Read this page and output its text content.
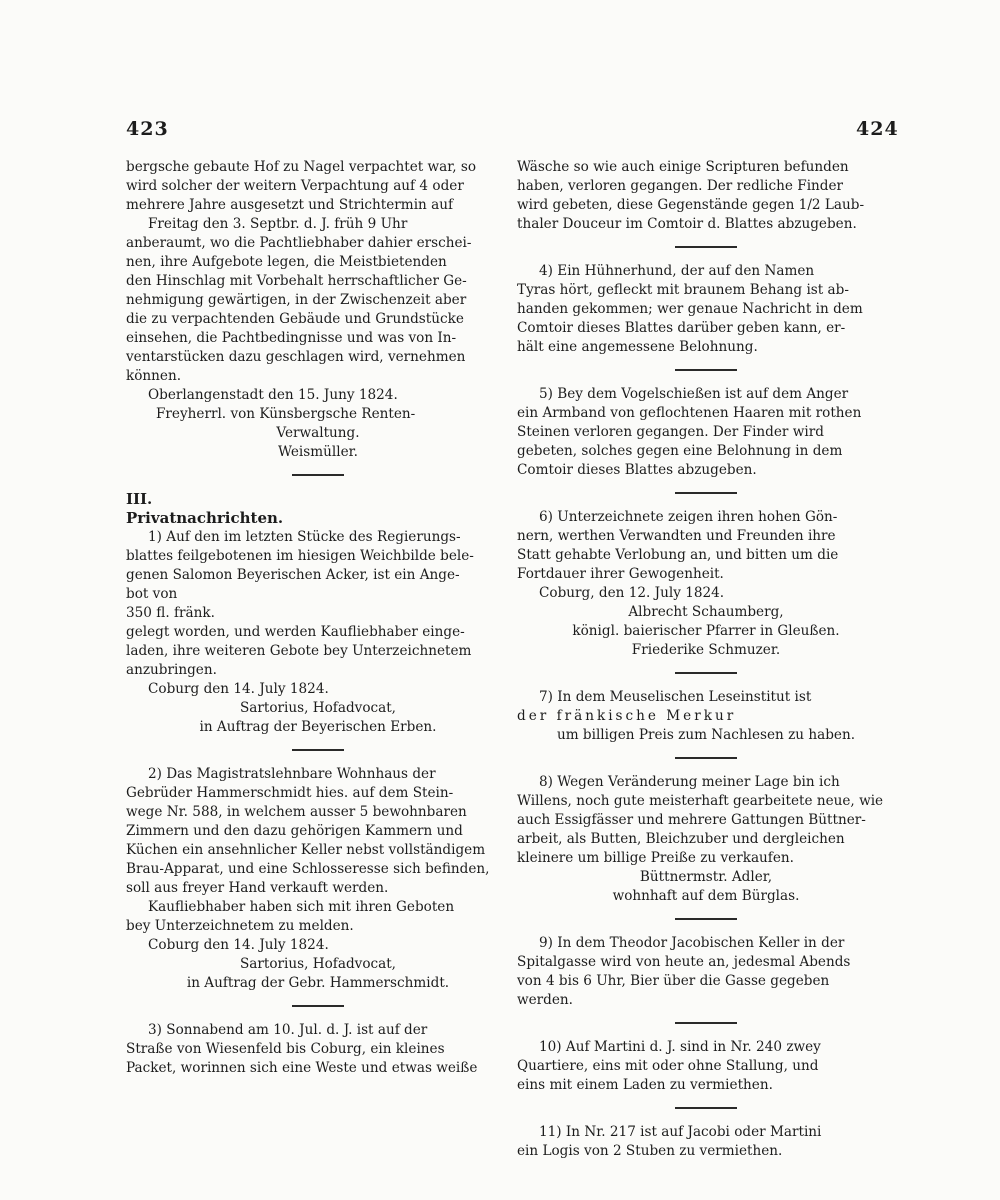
423	424

bergsche gebaute Hof zu Nagel verpachtet war, so

wird solcher der weitern Verpachtung auf 4 oder

mehrere Jahre ausgesetzt und Strichtermin auf

Freitag den 3. Septbr. d. J. früh 9 Uhr

anberaumt, wo die Pachtliebhaber dahier erschei-

nen, ihre Aufgebote legen, die Meistbietenden

den Hinschlag mit Vorbehalt herrschaftlicher Ge-

nehmigung gewärtigen, in der Zwischenzeit aber

die zu verpachtenden Gebäude und Grundstücke

einsehen, die Pachtbedingnisse und was von In-

ventarstücken dazu geschlagen wird, vernehmen

können.

Oberlangenstadt den 15. Juny 1824.

Freyherrl. von Künsbergsche Renten-

Verwaltung.

Weismüller.

III.

Privatnachrichten.

1) Auf den im letzten Stücke des Regierungs-

blattes feilgebotenen im hiesigen Weichbilde bele-

genen Salomon Beyerischen Acker, ist ein Ange-

bot von

350 fl. fränk.

gelegt worden, und werden Kaufliebhaber einge-

laden, ihre weiteren Gebote bey Unterzeichnetem

anzubringen.

Coburg den 14. July 1824.

Sartorius, Hofadvocat,

in Auftrag der Beyerischen Erben.

2) Das Magistratslehnbare Wohnhaus der

Gebrüder Hammerschmidt hies. auf dem Stein-

wege Nr. 588, in welchem ausser 5 bewohnbaren

Zimmern und den dazu gehörigen Kammern und

Küchen ein ansehnlicher Keller nebst vollständigem

Brau-Apparat, und eine Schlosseresse sich befinden,

soll aus freyer Hand verkauft werden.

Kaufliebhaber haben sich mit ihren Geboten

bey Unterzeichnetem zu melden.

Coburg den 14. July 1824.

Sartorius, Hofadvocat,

in Auftrag der Gebr. Hammerschmidt.

3) Sonnabend am 10. Jul. d. J. ist auf der

Straße von Wiesenfeld bis Coburg, ein kleines

Packet, worinnen sich eine Weste und etwas weiße

Wäsche so wie auch einige Scripturen befunden

haben, verloren gegangen. Der redliche Finder

wird gebeten, diese Gegenstände gegen 1/2 Laub-

thaler Douceur im Comtoir d. Blattes abzugeben.

4) Ein Hühnerhund, der auf den Namen

Tyras hört, gefleckt mit braunem Behang ist ab-

handen gekommen; wer genaue Nachricht in dem

Comtoir dieses Blattes darüber geben kann, er-

hält eine angemessene Belohnung.

5) Bey dem Vogelschießen ist auf dem Anger

ein Armband von geflochtenen Haaren mit rothen

Steinen verloren gegangen. Der Finder wird

gebeten, solches gegen eine Belohnung in dem

Comtoir dieses Blattes abzugeben.

6) Unterzeichnete zeigen ihren hohen Gön-

nern, werthen Verwandten und Freunden ihre

Statt gehabte Verlobung an, und bitten um die

Fortdauer ihrer Gewogenheit.

Coburg, den 12. July 1824.

Albrecht Schaumberg,

königl. baierischer Pfarrer in Gleußen.

Friederike Schmuzer.

7) In dem Meuselischen Leseinstitut ist

der fränkische Merkur

um billigen Preis zum Nachlesen zu haben.

8) Wegen Veränderung meiner Lage bin ich

Willens, noch gute meisterhaft gearbeitete neue, wie

auch Essigfässer und mehrere Gattungen Büttner-

arbeit, als Butten, Bleichzuber und dergleichen

kleinere um billige Preiße zu verkaufen.

Büttnermstr. Adler,

wohnhaft auf dem Bürglas.

9) In dem Theodor Jacobischen Keller in der

Spitalgasse wird von heute an, jedesmal Abends

von 4 bis 6 Uhr, Bier über die Gasse gegeben

werden.

10) Auf Martini d. J. sind in Nr. 240 zwey

Quartiere, eins mit oder ohne Stallung, und

eins mit einem Laden zu vermiethen.

11) In Nr. 217 ist auf Jacobi oder Martini

ein Logis von 2 Stuben zu vermiethen.
